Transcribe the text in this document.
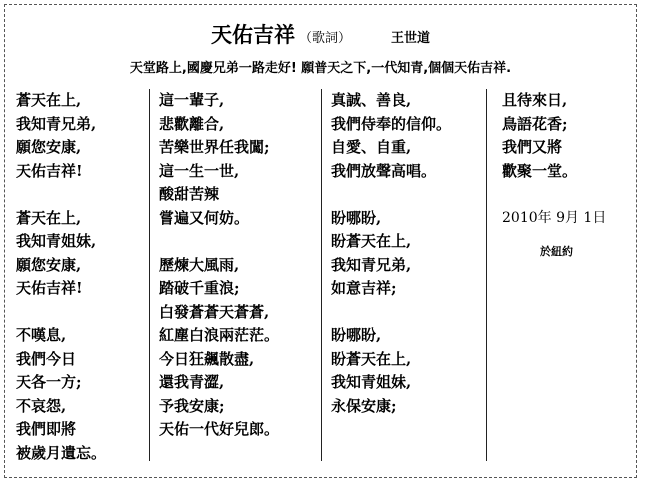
天佑吉祥 （歌詞）	王世道
天堂路上,國慶兄弟一路走好! 願普天之下,一代知青,個個天佑吉祥.
蒼天在上,
我知青兄弟,
願您安康,
天佑吉祥!
蒼天在上,
我知青姐妹,
願您安康,
天佑吉祥!
不嘆息,
我們今日
天各一方;
不哀怨,
我們即將
被歲月遺忘。
這一輩子,
悲歡離合,
苦樂世界任我闖;
這一生一世,
酸甜苦辣
嘗遍又何妨。
歷煉大風雨,
踏破千重浪;
白發蒼蒼天蒼蒼,
紅塵白浪兩茫茫。
今日狂飆散盡,
還我青澀,
予我安康;
天佑一代好兒郎。
真誠、善良,
我們侍奉的信仰。
自愛、自重,
我們放聲高唱。
盼哪盼,
盼蒼天在上,
我知青兄弟,
如意吉祥;
盼哪盼,
盼蒼天在上,
我知青姐妹,
永保安康;
且待來日,
鳥語花香;
我們又將
歡聚一堂。
2010年 9月 1日
於紐約
